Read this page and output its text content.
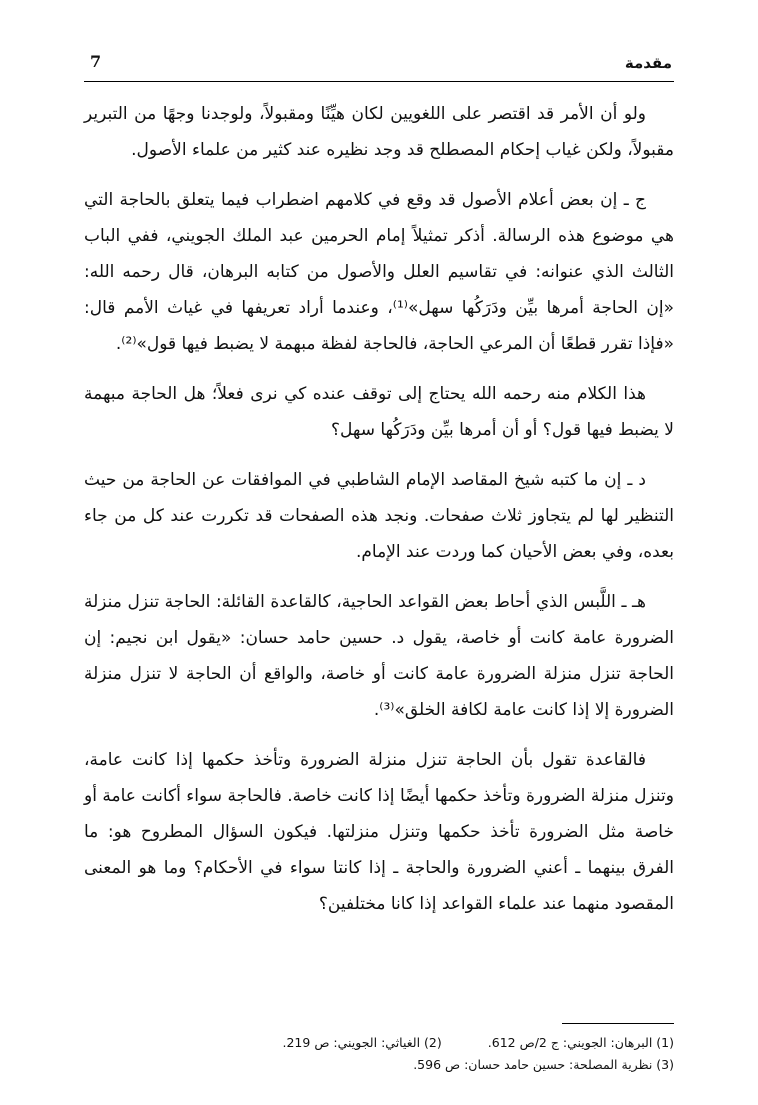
7	مقدمة

ولو أن الأمر قد اقتصر على اللغويين لكان هيِّنًا ومقبولاً، ولوجدنا وجهًا من التبرير مقبولاً، ولكن غياب إحكام المصطلح قد وجد نظيره عند كثير من علماء الأصول.

ج ـ إن بعض أعلام الأصول قد وقع في كلامهم اضطراب فيما يتعلق بالحاجة التي هي موضوع هذه الرسالة. أذكر تمثيلاً إمام الحرمين عبد الملك الجويني، ففي الباب الثالث الذي عنوانه: في تقاسيم العلل والأصول من كتابه البرهان، قال رحمه الله: «إن الحاجة أمرها بيِّن ودَرَكُها سهل»⁽¹⁾، وعندما أراد تعريفها في غياث الأمم قال: «فإذا تقرر قطعًا أن المرعي الحاجة، فالحاجة لفظة مبهمة لا يضبط فيها قول»⁽²⁾.

هذا الكلام منه رحمه الله يحتاج إلى توقف عنده كي نرى فعلاً؛ هل الحاجة مبهمة لا يضبط فيها قول؟ أو أن أمرها بيِّن ودَرَكُها سهل؟

د ـ إن ما كتبه شيخ المقاصد الإمام الشاطبي في الموافقات عن الحاجة من حيث التنظير لها لم يتجاوز ثلاث صفحات. ونجد هذه الصفحات قد تكررت عند كل من جاء بعده، وفي بعض الأحيان كما وردت عند الإمام.

هـ ـ اللَّبس الذي أحاط بعض القواعد الحاجية، كالقاعدة القائلة: الحاجة تنزل منزلة الضرورة عامة كانت أو خاصة، يقول د. حسين حامد حسان: «يقول ابن نجيم: إن الحاجة تنزل منزلة الضرورة عامة كانت أو خاصة، والواقع أن الحاجة لا تنزل منزلة الضرورة إلا إذا كانت عامة لكافة الخلق»⁽³⁾.

فالقاعدة تقول بأن الحاجة تنزل منزلة الضرورة وتأخذ حكمها إذا كانت عامة، وتنزل منزلة الضرورة وتأخذ حكمها أيضًا إذا كانت خاصة. فالحاجة سواء أكانت عامة أو خاصة مثل الضرورة تأخذ حكمها وتنزل منزلتها. فيكون السؤال المطروح هو: ما الفرق بينهما ـ أعني الضرورة والحاجة ـ إذا كانتا سواء في الأحكام؟ وما هو المعنى المقصود منهما عند علماء القواعد إذا كانا مختلفين؟

(1) البرهان: الجويني: ج 2/ص 612.(2) الغياثي: الجويني: ص 219.
(3) نظرية المصلحة: حسين حامد حسان: ص 596.
